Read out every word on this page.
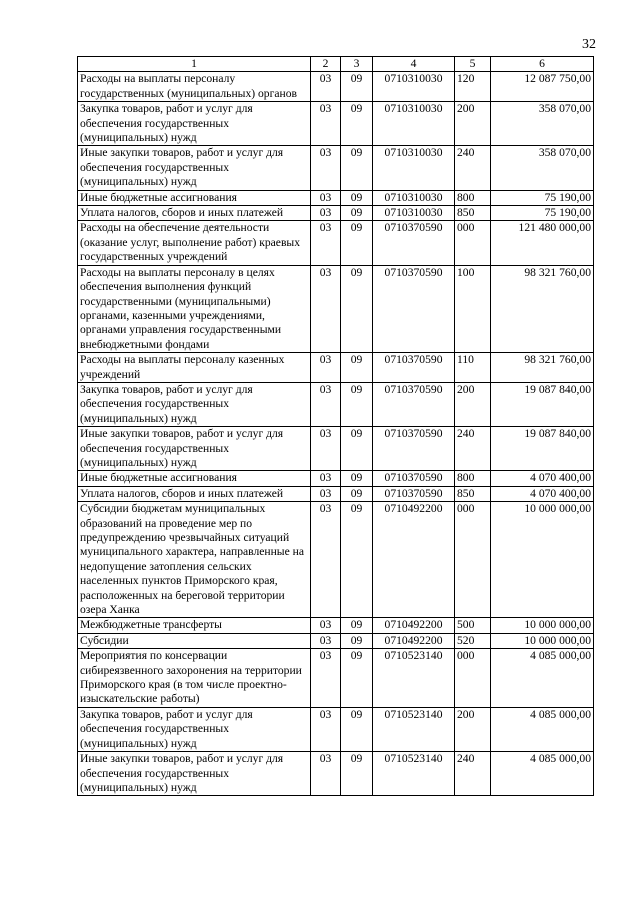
32
1	2	3	4	5	6
Расходы на выплаты персоналу государственных (муниципальных) органов	03	09	0710310030	120	12 087 750,00
Закупка товаров, работ и услуг для обеспечения государственных (муниципальных) нужд	03	09	0710310030	200	358 070,00
Иные закупки товаров, работ и услуг для обеспечения государственных (муниципальных) нужд	03	09	0710310030	240	358 070,00
Иные бюджетные ассигнования	03	09	0710310030	800	75 190,00
Уплата налогов, сборов и иных платежей	03	09	0710310030	850	75 190,00
Расходы на обеспечение деятельности (оказание услуг, выполнение работ) краевых государственных учреждений	03	09	0710370590	000	121 480 000,00
Расходы на выплаты персоналу в целях обеспечения выполнения функций государственными (муниципальными) органами, казенными учреждениями, органами управления государственными внебюджетными фондами	03	09	0710370590	100	98 321 760,00
Расходы на выплаты персоналу казенных учреждений	03	09	0710370590	110	98 321 760,00
Закупка товаров, работ и услуг для обеспечения государственных (муниципальных) нужд	03	09	0710370590	200	19 087 840,00
Иные закупки товаров, работ и услуг для обеспечения государственных (муниципальных) нужд	03	09	0710370590	240	19 087 840,00
Иные бюджетные ассигнования	03	09	0710370590	800	4 070 400,00
Уплата налогов, сборов и иных платежей	03	09	0710370590	850	4 070 400,00
Субсидии бюджетам муниципальных образований на проведение мер по предупреждению чрезвычайных ситуаций муниципального характера, направленные на недопущение затопления сельских населенных пунктов Приморского края, расположенных на береговой территории озера Ханка	03	09	0710492200	000	10 000 000,00
Межбюджетные трансферты	03	09	0710492200	500	10 000 000,00
Субсидии	03	09	0710492200	520	10 000 000,00
Мероприятия по консервации сибиреязвенного захоронения на территории Приморского края (в том числе проектно-изыскательские работы)	03	09	0710523140	000	4 085 000,00
Закупка товаров, работ и услуг для обеспечения государственных (муниципальных) нужд	03	09	0710523140	200	4 085 000,00
Иные закупки товаров, работ и услуг для обеспечения государственных (муниципальных) нужд	03	09	0710523140	240	4 085 000,00
